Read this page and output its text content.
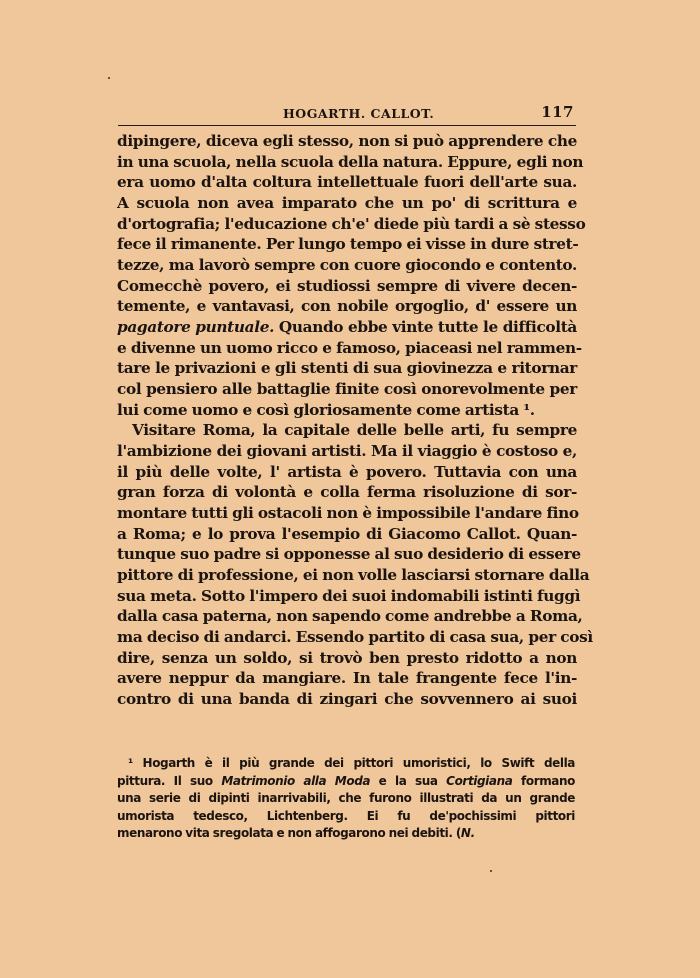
HOGARTH. CALLOT.	117
dipingere, diceva egli stesso, non si può apprendere che
in una scuola, nella scuola della natura. Eppure, egli non
era uomo d'alta coltura intellettuale fuori dell'arte sua.
A scuola non avea imparato che un po' di scrittura e
d'ortografia; l'educazione ch'e' diede più tardi a sè stesso
fece il rimanente. Per lungo tempo ei visse in dure stret-
tezze, ma lavorò sempre con cuore giocondo e contento.
Comecchè povero, ei studiossi sempre di vivere decen-
temente, e vantavasi, con nobile orgoglio, d' essere un
pagatore puntuale. Quando ebbe vinte tutte le difficoltà
e divenne un uomo ricco e famoso, piaceasi nel rammen-
tare le privazioni e gli stenti di sua giovinezza e ritornar
col pensiero alle battaglie finite così onorevolmente per
lui come uomo e così gloriosamente come artista ¹.
Visitare Roma, la capitale delle belle arti, fu sempre
l'ambizione dei giovani artisti. Ma il viaggio è costoso e,
il più delle volte, l' artista è povero. Tuttavia con una
gran forza di volontà e colla ferma risoluzione di sor-
montare tutti gli ostacoli non è impossibile l'andare fino
a Roma; e lo prova l'esempio di Giacomo Callot. Quan-
tunque suo padre si opponesse al suo desiderio di essere
pittore di professione, ei non volle lasciarsi stornare dalla
sua meta. Sotto l'impero dei suoi indomabili istinti fuggì
dalla casa paterna, non sapendo come andrebbe a Roma,
ma deciso di andarci. Essendo partito di casa sua, per così
dire, senza un soldo, si trovò ben presto ridotto a non
avere neppur da mangiare. In tale frangente fece l'in-
contro di una banda di zingari che sovvennero ai suoi
¹ Hogarth è il più grande dei pittori umoristici, lo Swift della
pittura. Il suo Matrimonio alla Moda e la sua Cortigiana formano
una serie di dipinti inarrivabili, che furono illustrati da un grande
umorista tedesco, Lichtenberg. Ei fu de'pochissimi pittori
menarono vita sregolata e non affogarono nei debiti. (N.
